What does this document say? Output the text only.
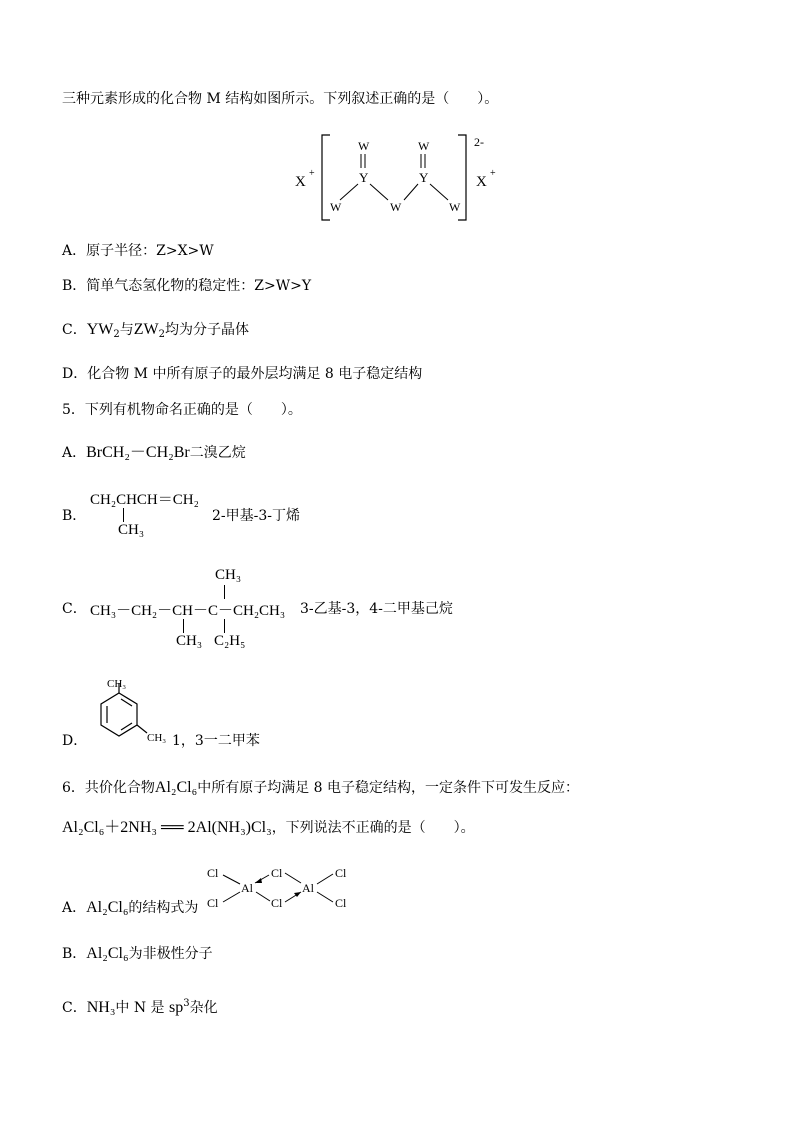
三种元素形成的化合物 M 结构如图所示。下列叙述正确的是（　　）。
2-
X
+
X
+
W	W
Y	Y
W	W	W
A．原子半径：Z>X>W
B．简单气态氢化物的稳定性：Z>W>Y
C．$YW_2$与$ZW_2$均为分子晶体
D．化合物 M 中所有原子的最外层均满足 8 电子稳定结构
5．下列有机物命名正确的是（　　）。
A．BrCH₂－CH₂Br二溴乙烷
B．
CH₂CHCH＝CH₂
CH₃
2-甲基-3-丁烯
C．
CH₃
CH₃－CH₂－CH－C－CH₂CH₃
CH₃ C₂H₅
3-乙基-3，4-二甲基己烷
D．
CH₃
CH₃ 1，3一二甲苯
6．共价化合物Al₂Cl₆中所有原子均满足 8 电子稳定结构，一定条件下可发生反应：
Al₂Cl₆＋2NH₃ ══ 2Al(NH₃)Cl₃，下列说法不正确的是（　　）。
A．Al₂Cl₆的结构式为
Cl
Cl
Al
Cl
Cl
Al
Cl
Cl
B．Al₂Cl₆为非极性分子
C．NH₃中 N 是 $sp^3$杂化
